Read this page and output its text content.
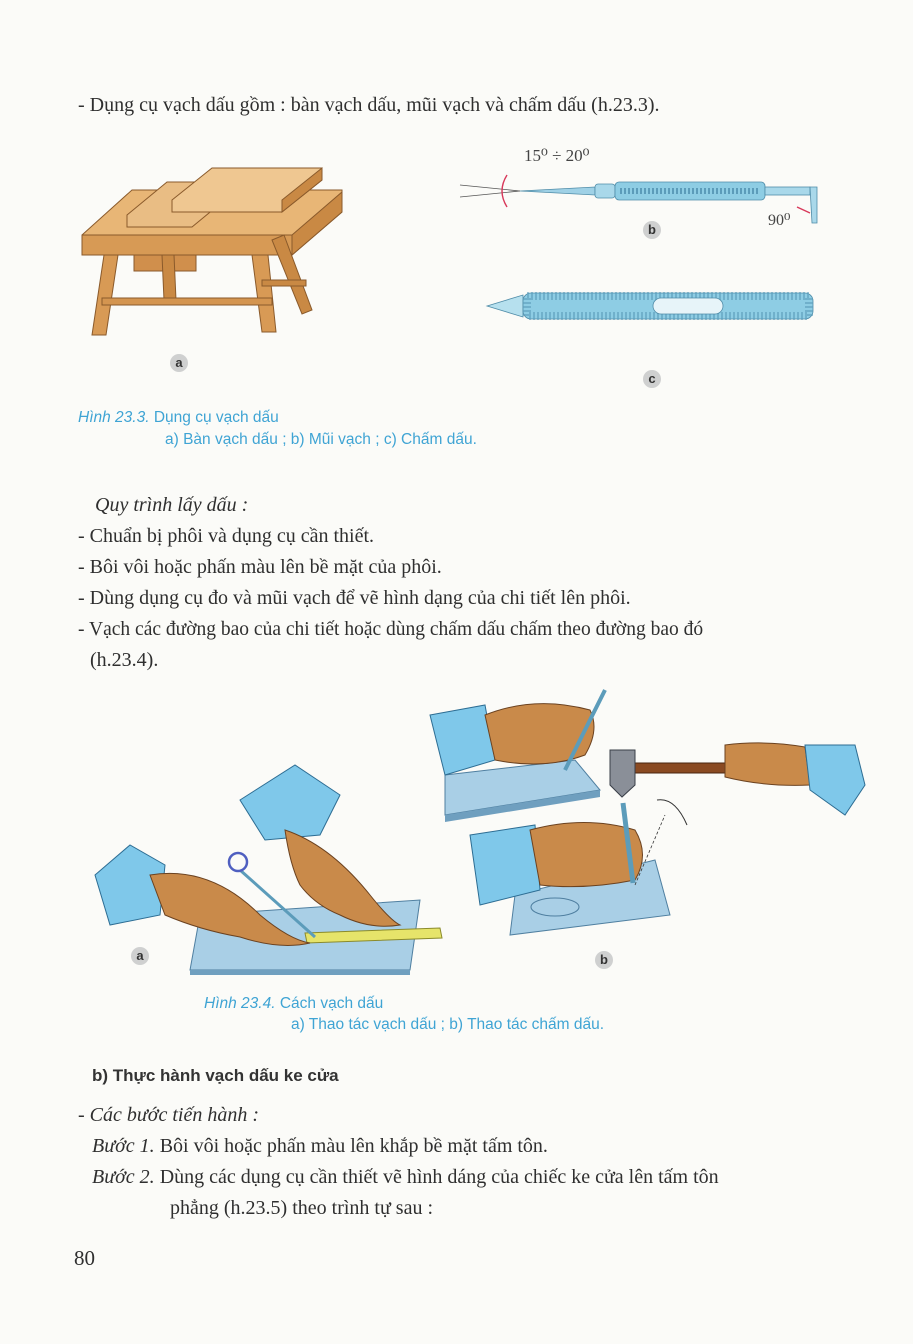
- Dụng cụ vạch dấu gồm : bàn vạch dấu, mũi vạch và chấm dấu (h.23.3).
a
15⁰ ÷ 20⁰
90⁰
b
c
Hình 23.3. Dụng cụ vạch dấu
a) Bàn vạch dấu ; b) Mũi vạch ; c) Chấm dấu.
Quy trình lấy dấu :
- Chuẩn bị phôi và dụng cụ cần thiết.
- Bôi vôi hoặc phấn màu lên bề mặt của phôi.
- Dùng dụng cụ đo và mũi vạch để vẽ hình dạng của chi tiết lên phôi.
- Vạch các đường bao của chi tiết hoặc dùng chấm dấu chấm theo đường bao đó
(h.23.4).
a	b
Hình 23.4. Cách vạch dấu
a) Thao tác vạch dấu ; b) Thao tác chấm dấu.
b) Thực hành vạch dấu ke cửa
- Các bước tiến hành :
Bước 1. Bôi vôi hoặc phấn màu lên khắp bề mặt tấm tôn.
Bước 2. Dùng các dụng cụ cần thiết vẽ hình dáng của chiếc ke cửa lên tấm tôn
phẳng (h.23.5) theo trình tự sau :
80
